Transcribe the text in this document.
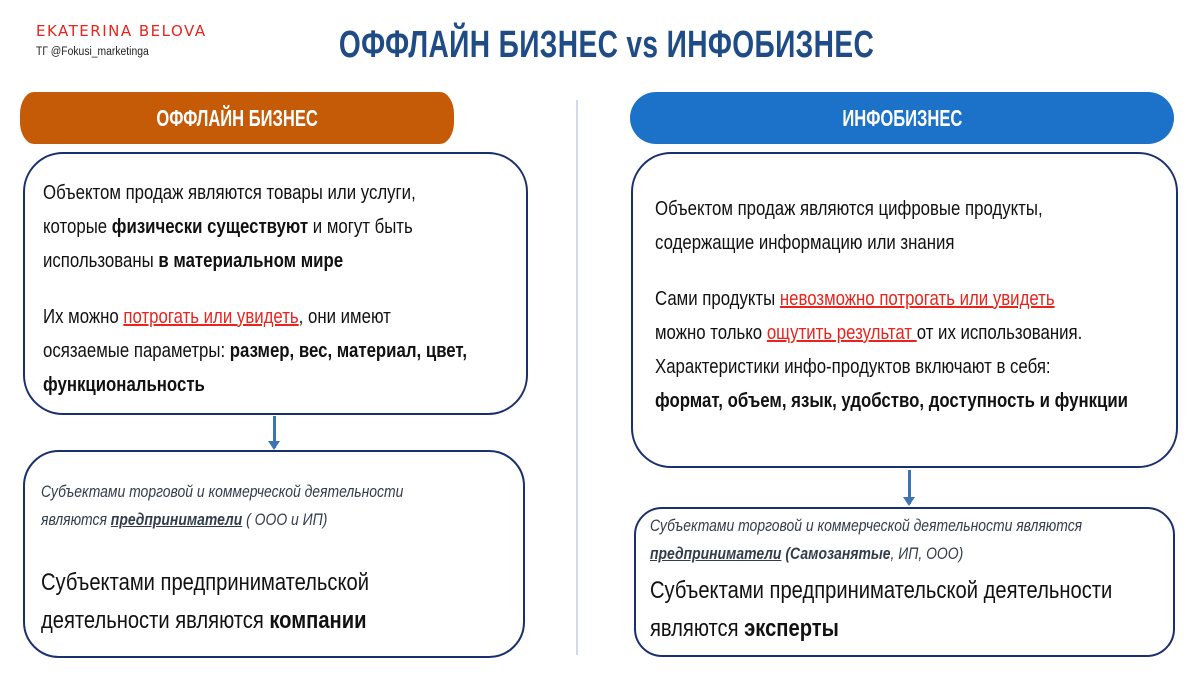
EKATERINA BELOVA
ТГ @Fokusi_marketinga	ОФФЛАЙН БИЗНЕС vs ИНФОБИЗНЕС
ОФФЛАЙН БИЗНЕС
Объектом продаж являются товары или услуги,
которые физически существуют и могут быть
использованы в материальном мире
Их можно потрогать или увидеть, они имеют
осязаемые параметры: размер, вес, материал, цвет,
функциональность
Субъектами торговой и коммерческой деятельности
являются предприниматели ( ООО и ИП)
Субъектами предпринимательской
деятельности являются компании
ИНФОБИЗНЕС
Объектом продаж являются цифровые продукты,
содержащие информацию или знания
Сами продукты невозможно потрогать или увидеть
можно только ощутить результат от их использования.
Характеристики инфо-продуктов включают в себя:
формат, объем, язык, удобство, доступность и функции
Субъектами торговой и коммерческой деятельности являются
предприниматели (Самозанятые, ИП, ООО)
Субъектами предпринимательской деятельности
являются эксперты
